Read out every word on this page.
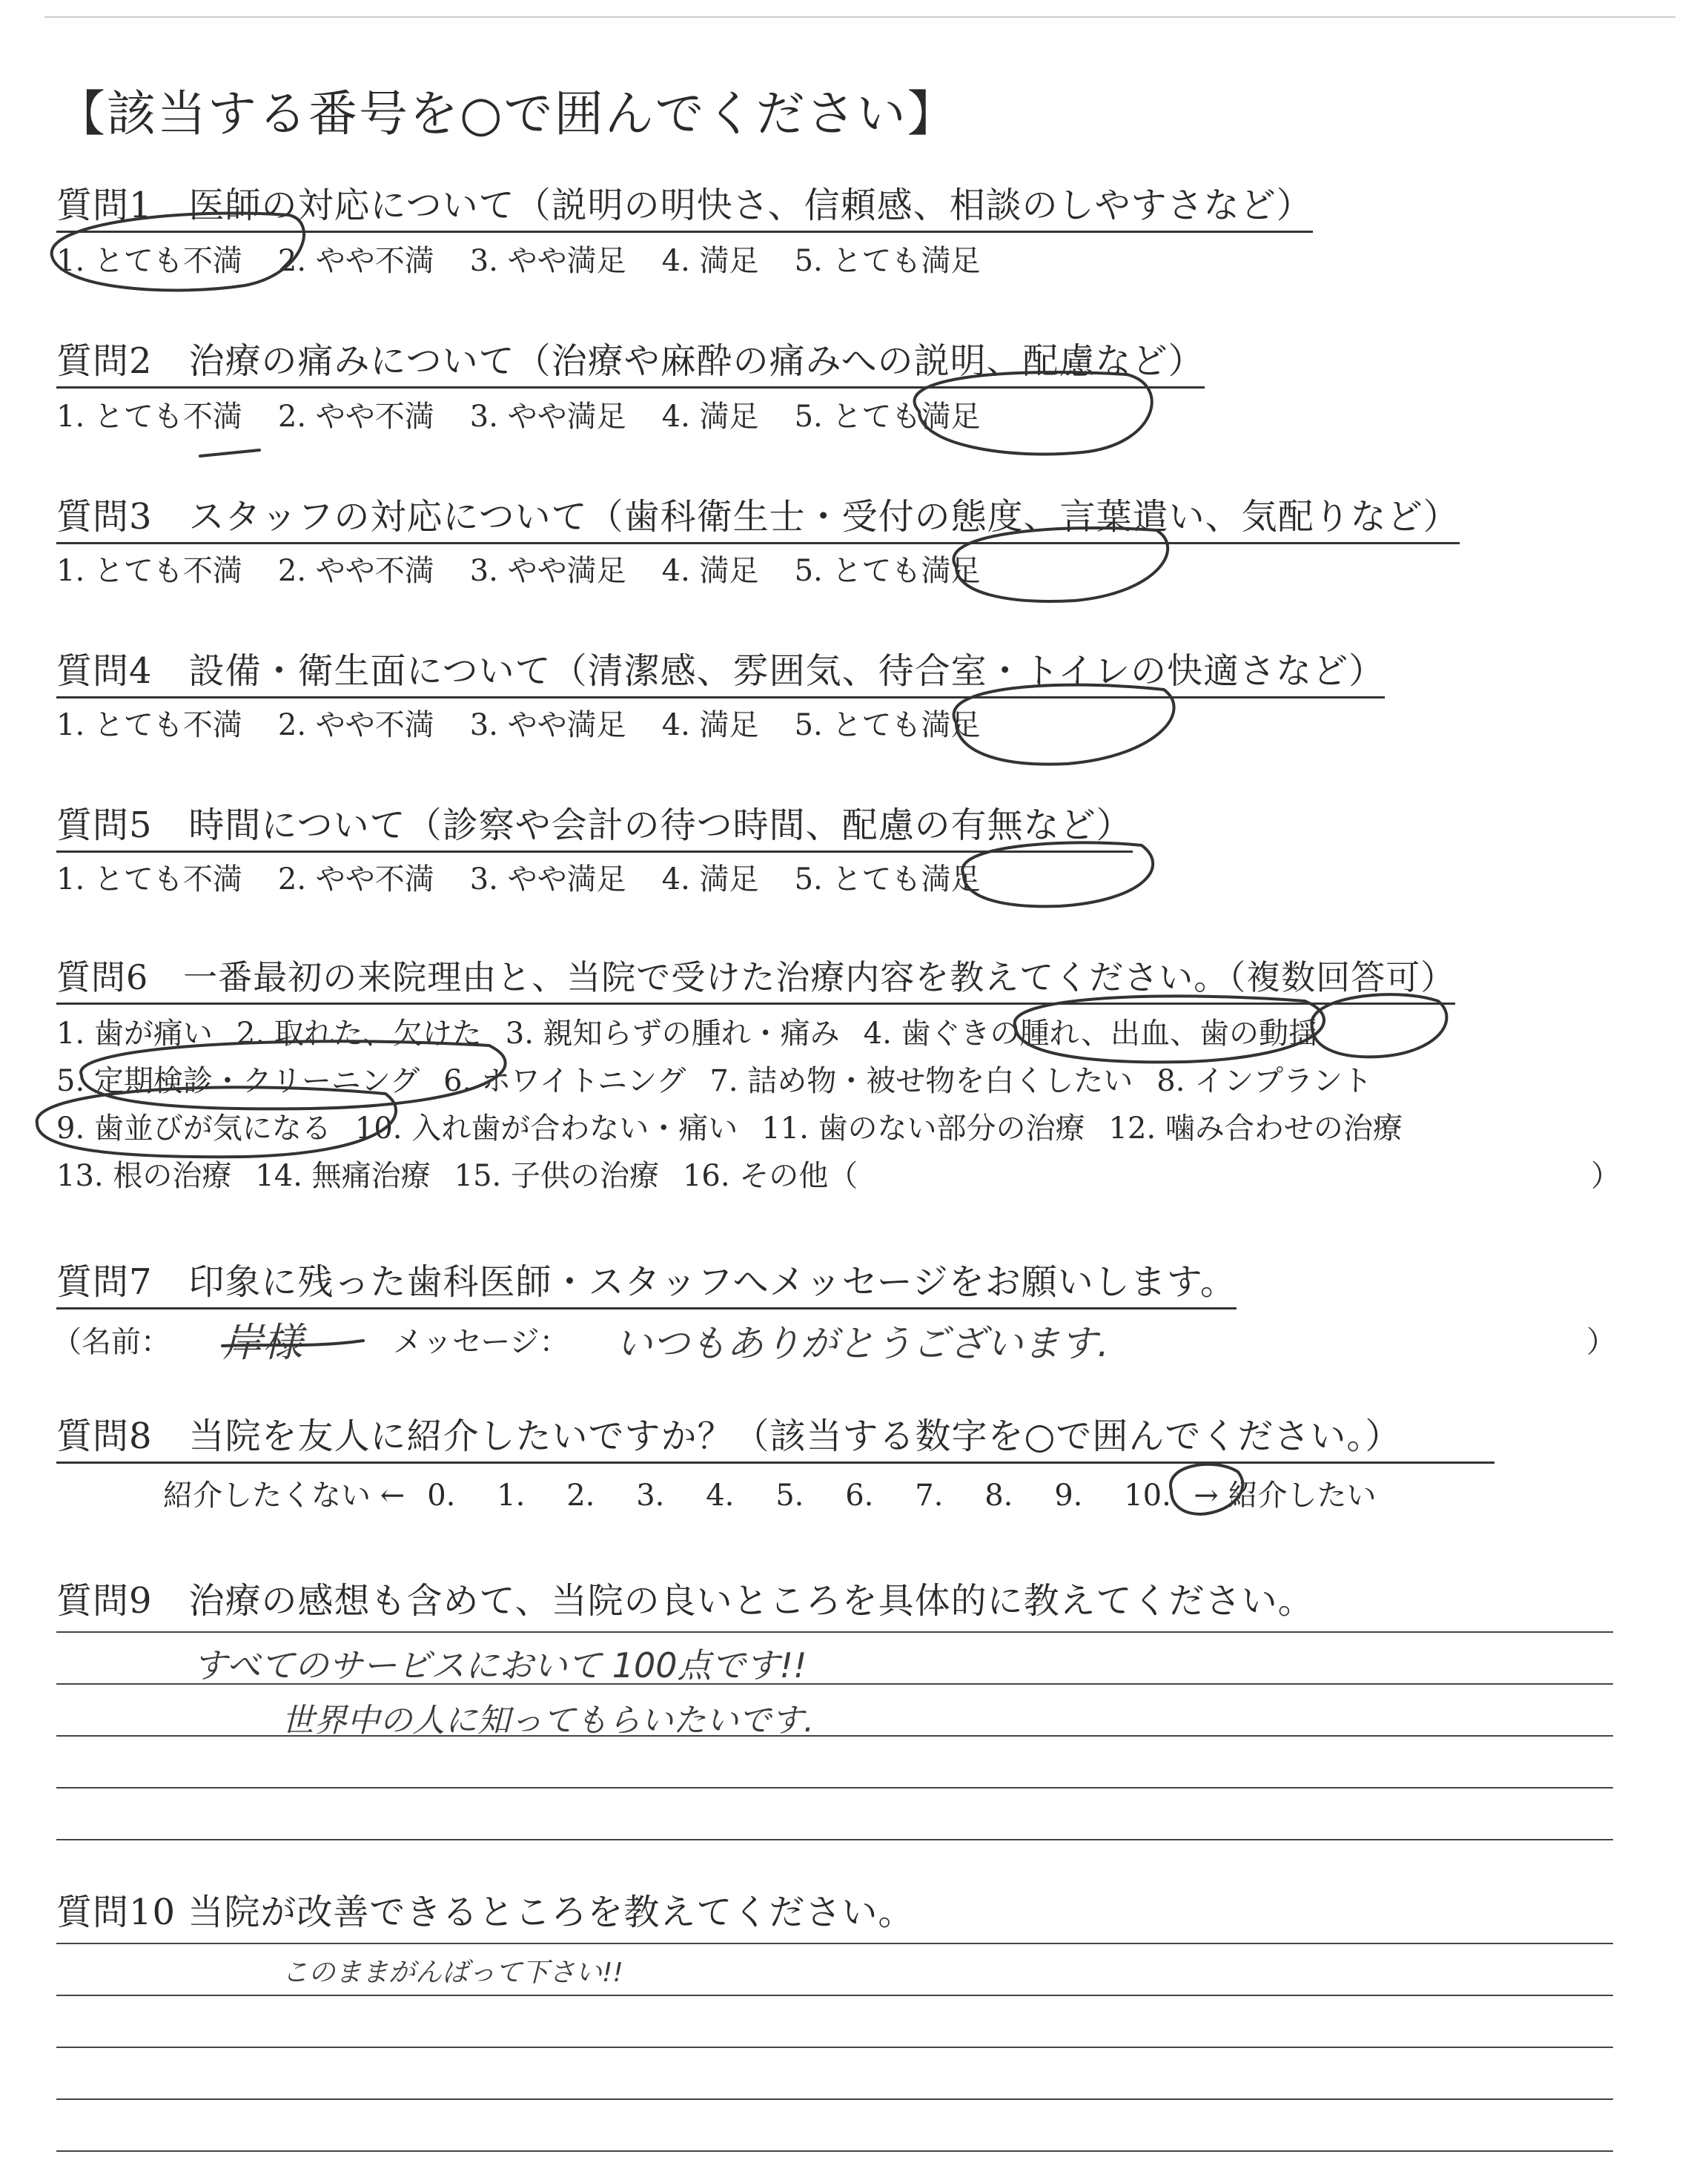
【該当する番号を○で囲んでください】
質問1　医師の対応について（説明の明快さ、信頼感、相談のしやすさなど）
1. とても不満 2. やや不満 3. やや満足 4. 満足 5. とても満足
質問2　治療の痛みについて（治療や麻酔の痛みへの説明、配慮など）
1. とても不満 2. やや不満 3. やや満足 4. 満足 5. とても満足
質問3　スタッフの対応について（歯科衛生士・受付の態度、言葉遣い、気配りなど）
1. とても不満 2. やや不満 3. やや満足 4. 満足 5. とても満足
質問4　設備・衛生面について（清潔感、雰囲気、待合室・トイレの快適さなど）
1. とても不満 2. やや不満 3. やや満足 4. 満足 5. とても満足
質問5　時間について（診察や会計の待つ時間、配慮の有無など）
1. とても不満 2. やや不満 3. やや満足 4. 満足 5. とても満足
質問6　一番最初の来院理由と、当院で受けた治療内容を教えてください。（複数回答可）
1. 歯が痛い 2. 取れた、欠けた 3. 親知らずの腫れ・痛み 4. 歯ぐきの腫れ、出血、歯の動揺
5. 定期検診・クリーニング 6. ホワイトニング 7. 詰め物・被せ物を白くしたい 8. インプラント
9. 歯並びが気になる 10. 入れ歯が合わない・痛い 11. 歯のない部分の治療 12. 噛み合わせの治療
13. 根の治療 14. 無痛治療 15. 子供の治療 16. その他（	）
質問7　印象に残った歯科医師・スタッフへメッセージをお願いします。
（名前： 岸様	メッセージ： いつもありがとうございます.	）
質問8　当院を友人に紹介したいですか？（該当する数字を○で囲んでください。）
紹介したくない ← 0. 1. 2. 3. 4. 5. 6. 7. 8. 9. 10. → 紹介したい
質問9　治療の感想も含めて、当院の良いところを具体的に教えてください。
すべてのサービスにおいて 100点です!!
世界中の人に知ってもらいたいです.
質問10 当院が改善できるところを教えてください。
このままがんばって下さい!!
